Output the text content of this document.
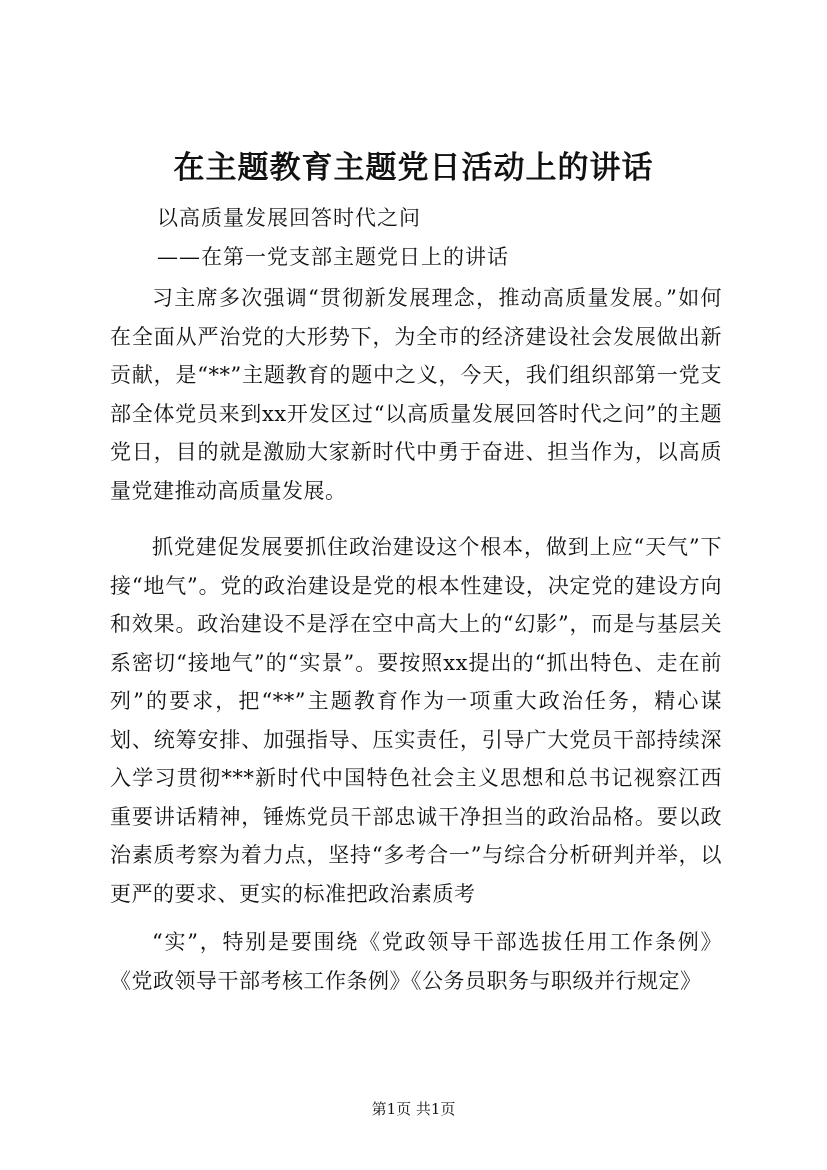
在主题教育主题党日活动上的讲话
以高质量发展回答时代之问
——在第一党支部主题党日上的讲话

习主席多次强调“贯彻新发展理念，推动高质量发展。”如何在全面从严治党的大形势下，为全市的经济建设社会发展做出新贡献，是“**”主题教育的题中之义，今天，我们组织部第一党支部全体党员来到xx开发区过“以高质量发展回答时代之问”的主题党日，目的就是激励大家新时代中勇于奋进、担当作为，以高质量党建推动高质量发展。

抓党建促发展要抓住政治建设这个根本，做到上应“天气”下接“地气”。党的政治建设是党的根本性建设，决定党的建设方向和效果。政治建设不是浮在空中高大上的“幻影”，而是与基层关系密切“接地气”的“实景”。要按照xx提出的“抓出特色、走在前列”的要求，把“**”主题教育作为一项重大政治任务，精心谋划、统筹安排、加强指导、压实责任，引导广大党员干部持续深入学习贯彻***新时代中国特色社会主义思想和总书记视察江西重要讲话精神，锤炼党员干部忠诚干净担当的政治品格。要以政治素质考察为着力点，坚持“多考合一”与综合分析研判并举，以更严的要求、更实的标准把政治素质考

“实”，特别是要围绕《党政领导干部选拔任用工作条例》《党政领导干部考核工作条例》《公务员职务与职级并行规定》

第1页 共1页
